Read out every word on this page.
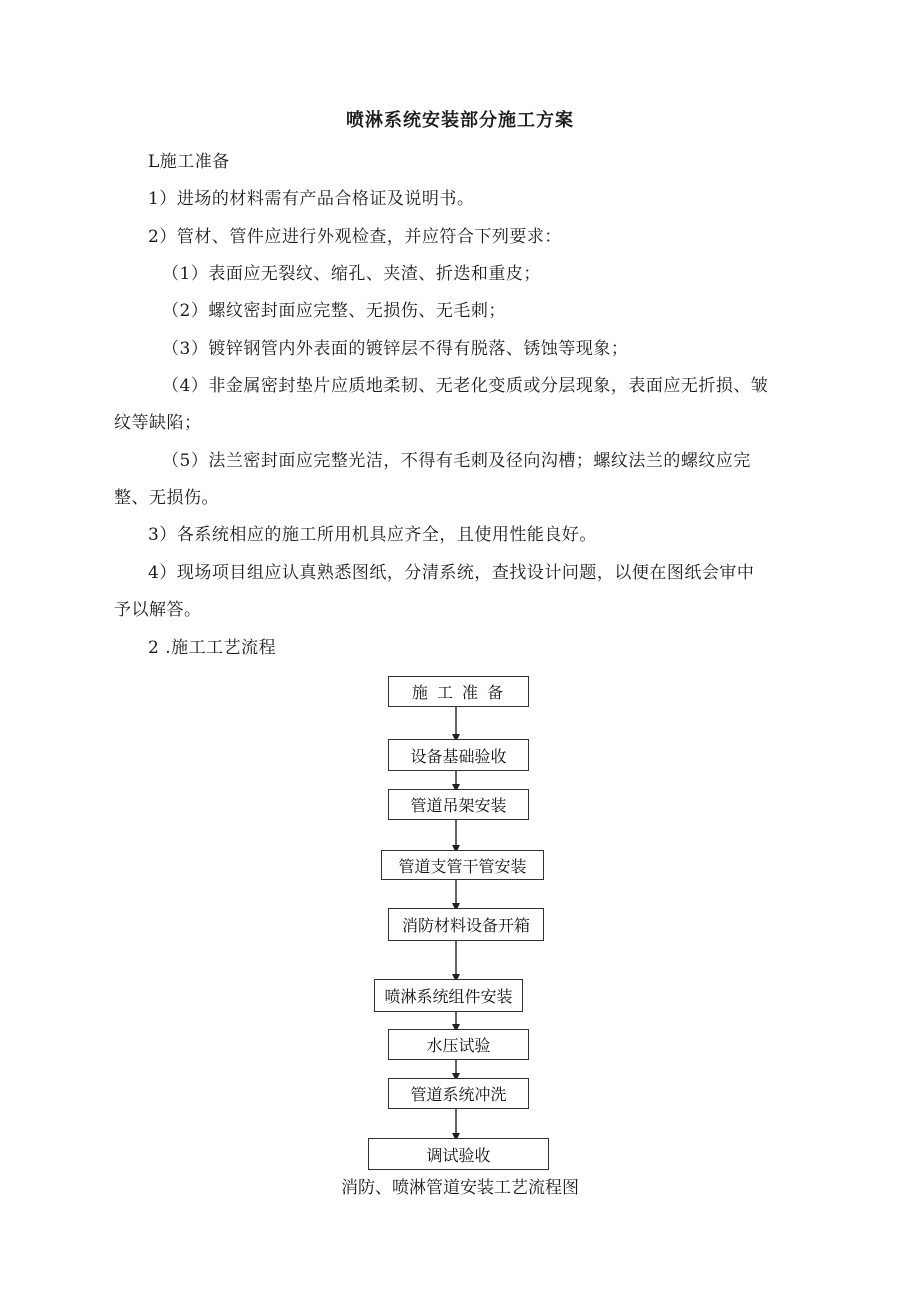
喷淋系统安装部分施工方案
L施工准备
1）进场的材料需有产品合格证及说明书。
2）管材、管件应进行外观检查，并应符合下列要求：
（1）表面应无裂纹、缩孔、夹渣、折迭和重皮；
（2）螺纹密封面应完整、无损伤、无毛刺；
（3）镀锌钢管内外表面的镀锌层不得有脱落、锈蚀等现象；
（4）非金属密封垫片应质地柔韧、无老化变质或分层现象，表面应无折损、皱
纹等缺陷；
（5）法兰密封面应完整光洁，不得有毛刺及径向沟槽；螺纹法兰的螺纹应完
整、无损伤。
3）各系统相应的施工所用机具应齐全，且使用性能良好。
4）现场项目组应认真熟悉图纸，分清系统，查找设计问题，以便在图纸会审中
予以解答。
2 .施工工艺流程
施 工 准 备
设备基础验收
管道吊架安装
管道支管干管安装
消防材料设备开箱
喷淋系统组件安装
水压试验
管道系统冲洗
调试验收
消防、喷淋管道安装工艺流程图
